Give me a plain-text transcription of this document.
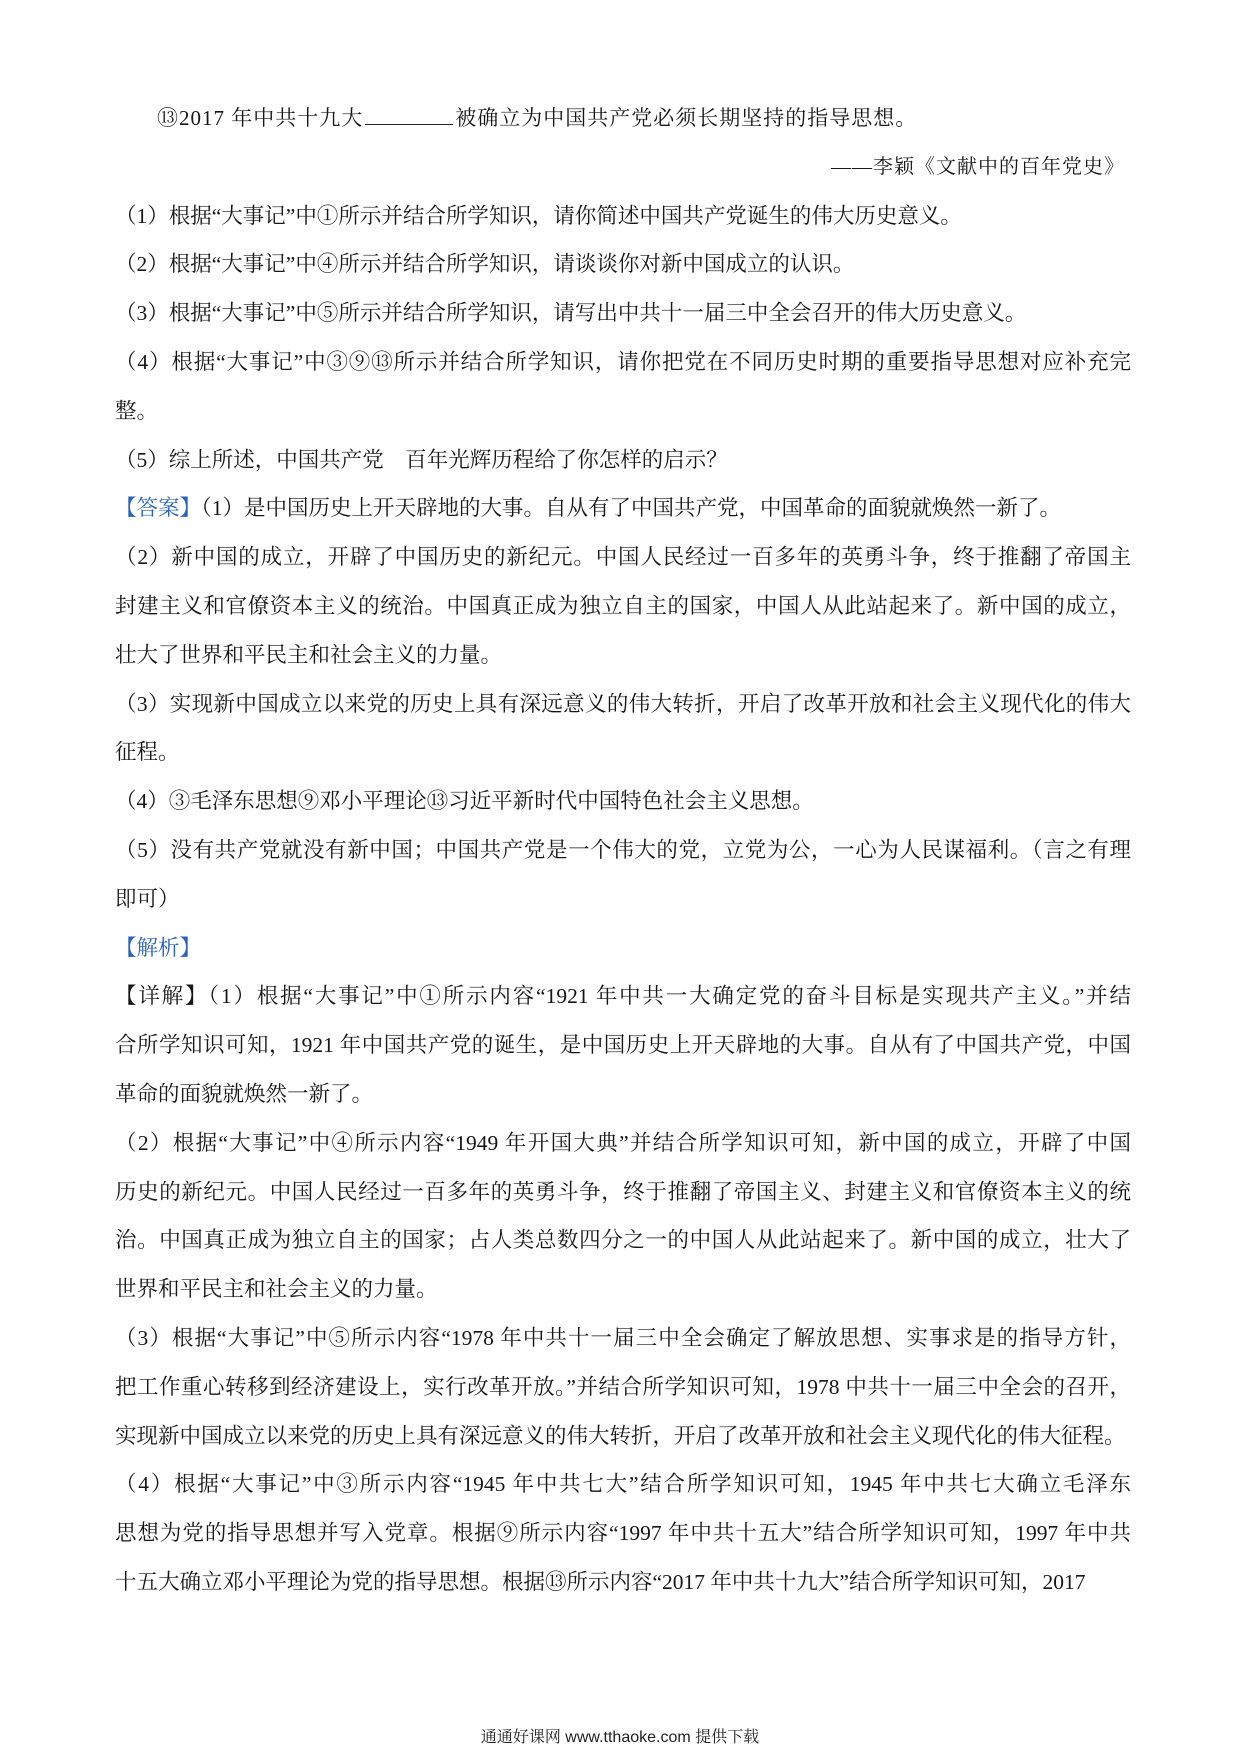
⑬2017 年中共十九大	被确立为中国共产党必须长期坚持的指导思想。
——李颖《文献中的百年党史》
（1）根据“大事记”中①所示并结合所学知识，请你简述中国共产党诞生的伟大历史意义。
（2）根据“大事记”中④所示并结合所学知识，请谈谈你对新中国成立的认识。
（3）根据“大事记”中⑤所示并结合所学知识，请写出中共十一届三中全会召开的伟大历史意义。
（4）根据“大事记”中③⑨⑬所示并结合所学知识，请你把党在不同历史时期的重要指导思想对应补充完
整。
（5）综上所述，中国共产党　百年光辉历程给了你怎样的启示？
【答案】（1）是中国历史上开天辟地的大事。自从有了中国共产党，中国革命的面貌就焕然一新了。
（2）新中国的成立，开辟了中国历史的新纪元。中国人民经过一百多年的英勇斗争，终于推翻了帝国主
封建主义和官僚资本主义的统治。中国真正成为独立自主的国家，中国人从此站起来了。新中国的成立，
壮大了世界和平民主和社会主义的力量。
（3）实现新中国成立以来党的历史上具有深远意义的伟大转折，开启了改革开放和社会主义现代化的伟大
征程。
（4）③毛泽东思想⑨邓小平理论⑬习近平新时代中国特色社会主义思想。
（5）没有共产党就没有新中国；中国共产党是一个伟大的党，立党为公，一心为人民谋福利。（言之有理
即可）
【解析】
【详解】（1）根据“大事记”中①所示内容“1921 年中共一大确定党的奋斗目标是实现共产主义。”并结
合所学知识可知，1921 年中国共产党的诞生，是中国历史上开天辟地的大事。自从有了中国共产党，中国
革命的面貌就焕然一新了。
（2）根据“大事记”中④所示内容“1949 年开国大典”并结合所学知识可知，新中国的成立，开辟了中国
历史的新纪元。中国人民经过一百多年的英勇斗争，终于推翻了帝国主义、封建主义和官僚资本主义的统
治。中国真正成为独立自主的国家；占人类总数四分之一的中国人从此站起来了。新中国的成立，壮大了
世界和平民主和社会主义的力量。
（3）根据“大事记”中⑤所示内容“1978 年中共十一届三中全会确定了解放思想、实事求是的指导方针，
把工作重心转移到经济建设上，实行改革开放。”并结合所学知识可知，1978 中共十一届三中全会的召开，
实现新中国成立以来党的历史上具有深远意义的伟大转折，开启了改革开放和社会主义现代化的伟大征程。
（4）根据“大事记”中③所示内容“1945 年中共七大”结合所学知识可知，1945 年中共七大确立毛泽东
思想为党的指导思想并写入党章。根据⑨所示内容“1997 年中共十五大”结合所学知识可知，1997 年中共
十五大确立邓小平理论为党的指导思想。根据⑬所示内容“2017 年中共十九大”结合所学知识可知，2017
通通好课网 www.tthaoke.com 提供下载
